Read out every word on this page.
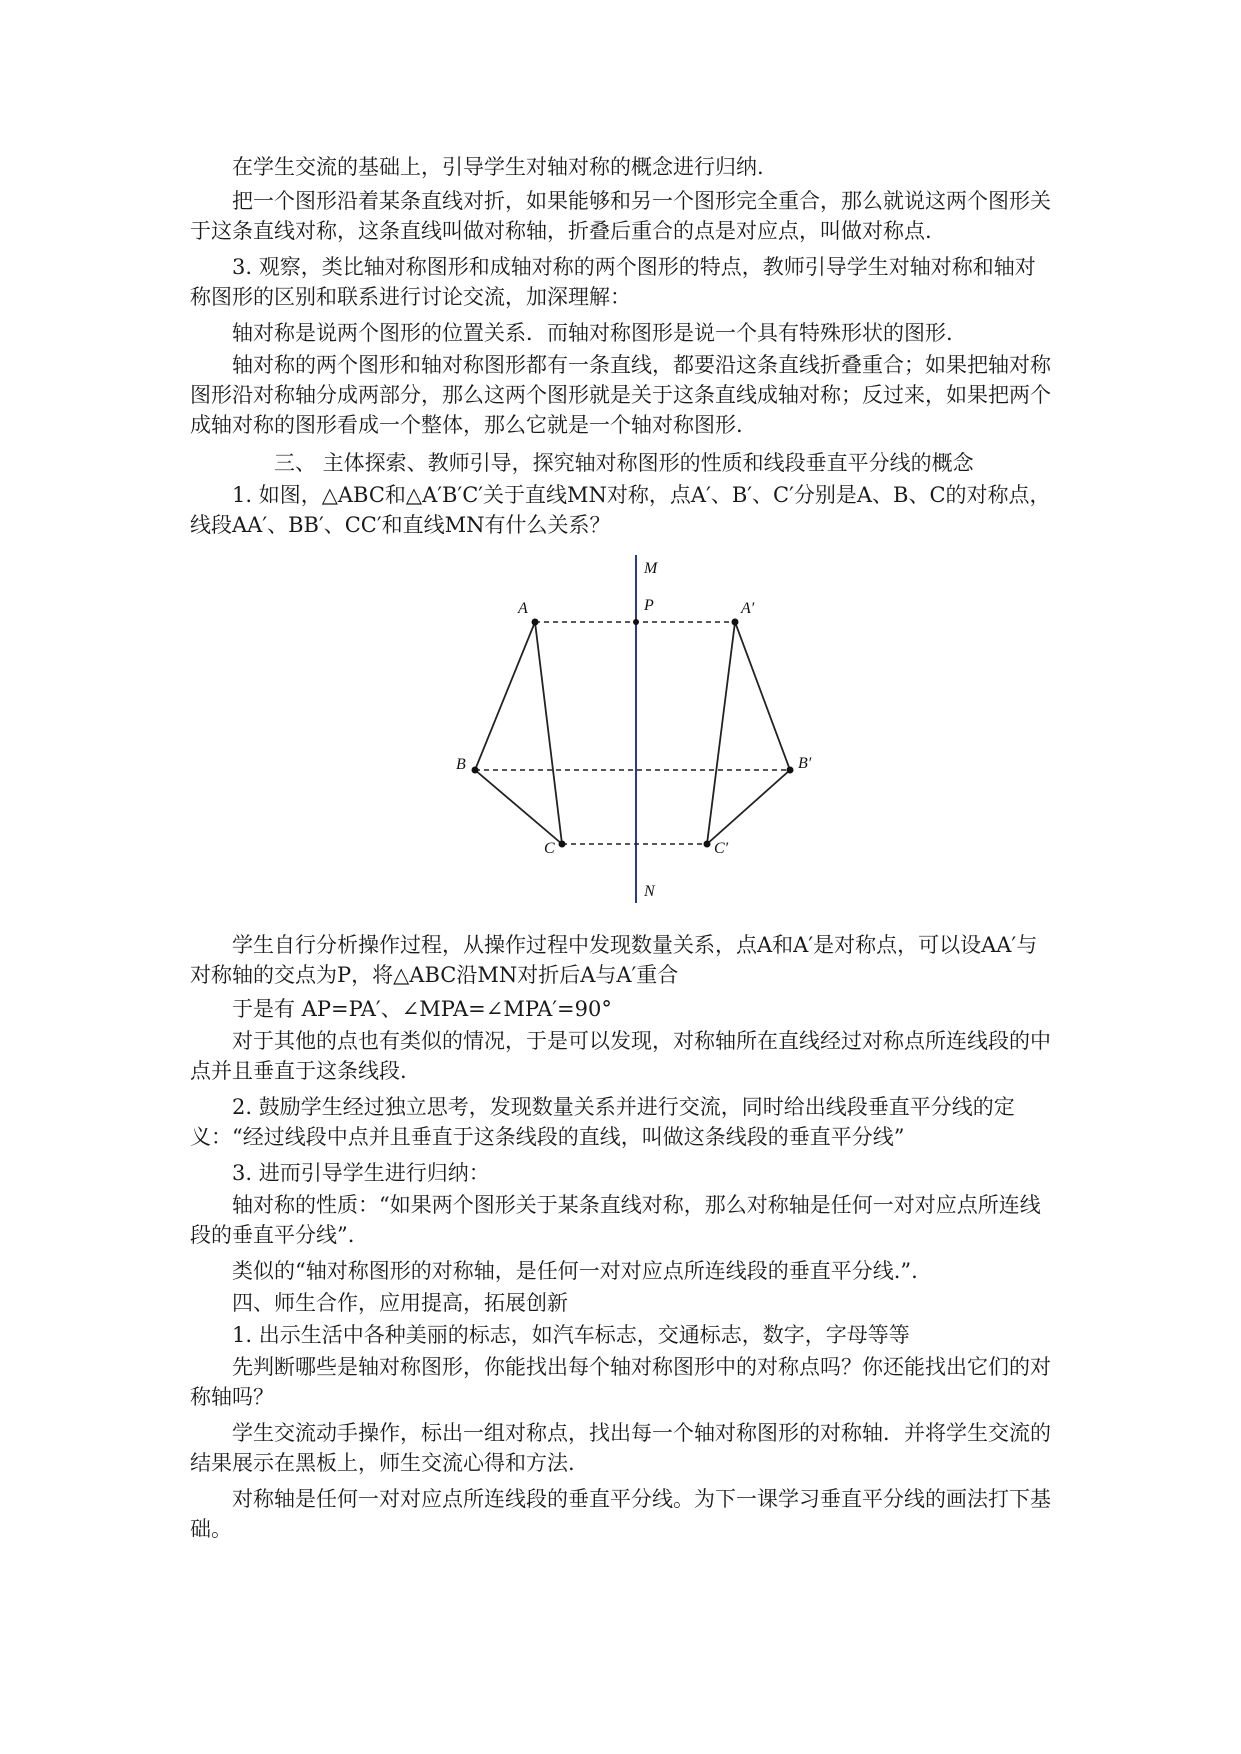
在学生交流的基础上，引导学生对轴对称的概念进行归纳.

把一个图形沿着某条直线对折，如果能够和另一个图形完全重合，那么就说这两个图形关于这条直线对称，这条直线叫做对称轴，折叠后重合的点是对应点，叫做对称点.

3. 观察，类比轴对称图形和成轴对称的两个图形的特点，教师引导学生对轴对称和轴对称图形的区别和联系进行讨论交流，加深理解：

轴对称是说两个图形的位置关系．而轴对称图形是说一个具有特殊形状的图形.

轴对称的两个图形和轴对称图形都有一条直线，都要沿这条直线折叠重合；如果把轴对称图形沿对称轴分成两部分，那么这两个图形就是关于这条直线成轴对称；反过来，如果把两个成轴对称的图形看成一个整体，那么它就是一个轴对称图形.

三、 主体探索、教师引导，探究轴对称图形的性质和线段垂直平分线的概念

1. 如图，△ABC和△A′B′C′关于直线MN对称，点A′、B′、C′分别是A、B、C的对称点，线段AA′、BB′、CC′和直线MN有什么关系？

M
N
P
A
B
C
A′
B′
C′

学生自行分析操作过程，从操作过程中发现数量关系，点A和A′是对称点，可以设AA′与对称轴的交点为P，将△ABC沿MN对折后A与A′重合

于是有 AP=PA′、∠MPA=∠MPA′=90°

对于其他的点也有类似的情况，于是可以发现，对称轴所在直线经过对称点所连线段的中点并且垂直于这条线段.

2. 鼓励学生经过独立思考，发现数量关系并进行交流，同时给出线段垂直平分线的定义：“经过线段中点并且垂直于这条线段的直线，叫做这条线段的垂直平分线”

3. 进而引导学生进行归纳：

轴对称的性质：“如果两个图形关于某条直线对称，那么对称轴是任何一对对应点所连线段的垂直平分线”.

类似的“轴对称图形的对称轴，是任何一对对应点所连线段的垂直平分线.”.

四、师生合作，应用提高，拓展创新

1. 出示生活中各种美丽的标志，如汽车标志，交通标志，数字，字母等等

先判断哪些是轴对称图形，你能找出每个轴对称图形中的对称点吗？你还能找出它们的对称轴吗？

学生交流动手操作，标出一组对称点，找出每一个轴对称图形的对称轴．并将学生交流的结果展示在黑板上，师生交流心得和方法.

对称轴是任何一对对应点所连线段的垂直平分线。为下一课学习垂直平分线的画法打下基础。
